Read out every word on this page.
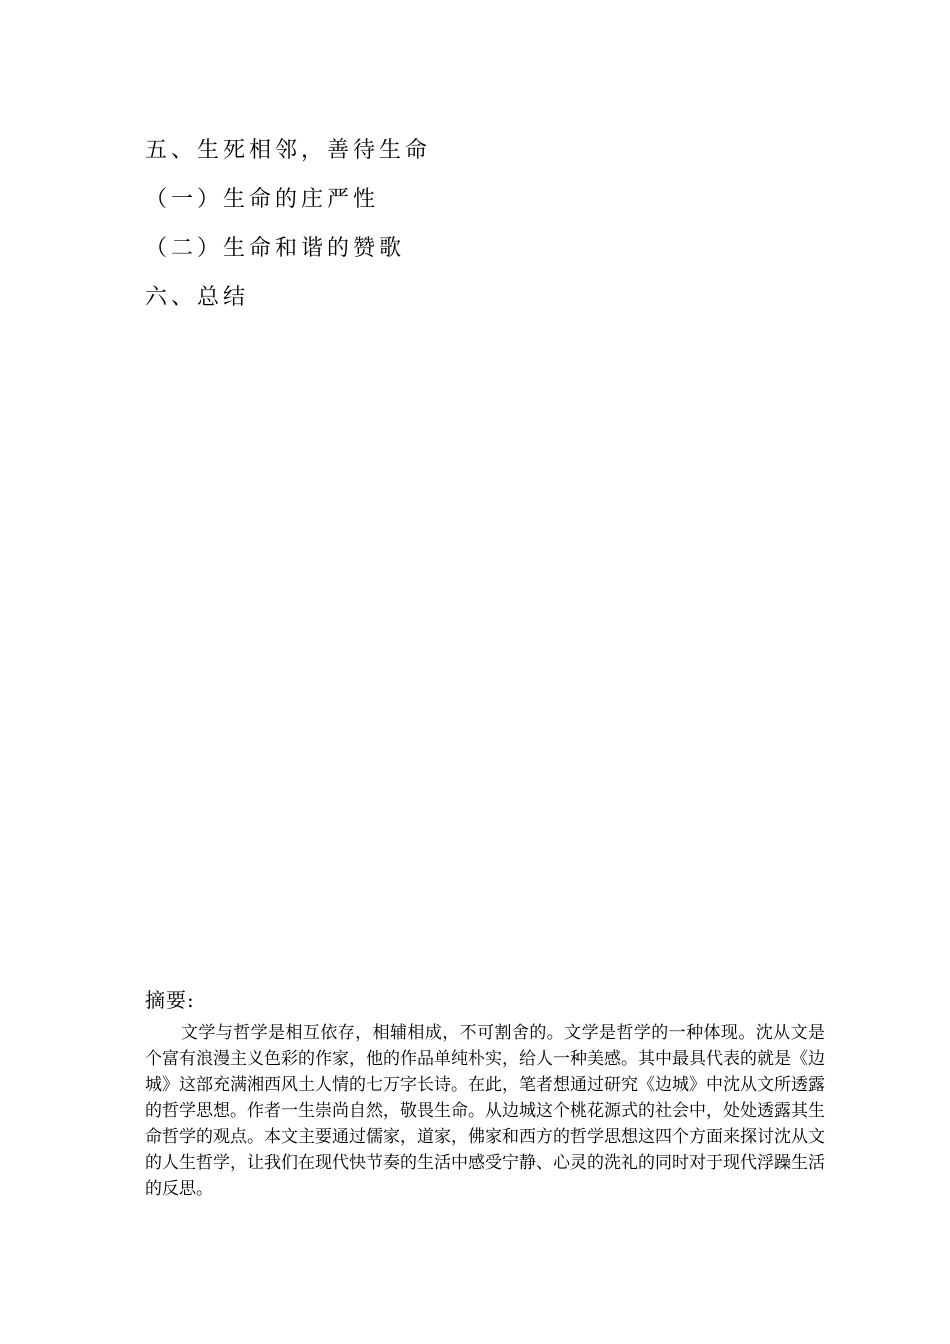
五、生死相邻，善待生命

（一）生命的庄严性

（二）生命和谐的赞歌

六、总结

摘要:

文学与哲学是相互依存，相辅相成，不可割舍的。文学是哲学的一种体现。沈从文是个富有浪漫主义色彩的作家，他的作品单纯朴实，给人一种美感。其中最具代表的就是《边城》这部充满湘西风土人情的七万字长诗。在此，笔者想通过研究《边城》中沈从文所透露的哲学思想。作者一生崇尚自然，敬畏生命。从边城这个桃花源式的社会中，处处透露其生命哲学的观点。本文主要通过儒家，道家，佛家和西方的哲学思想这四个方面来探讨沈从文的人生哲学，让我们在现代快节奏的生活中感受宁静、心灵的洗礼的同时对于现代浮躁生活的反思。
